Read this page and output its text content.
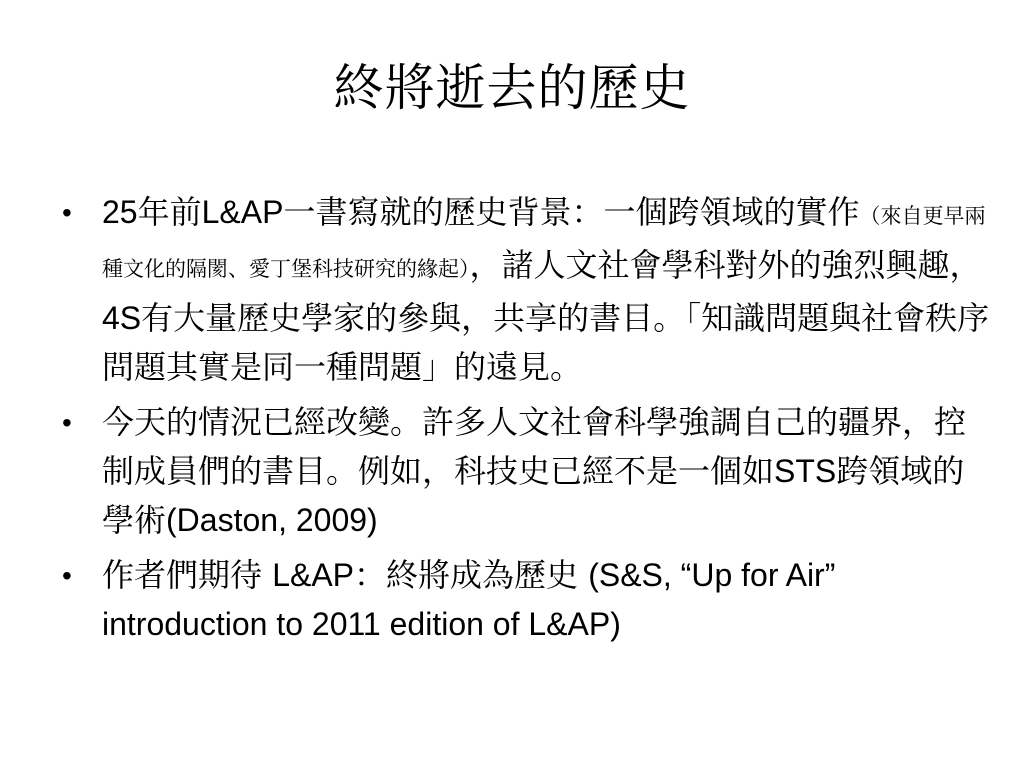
終將逝去的歷史
• 25年前L&AP一書寫就的歷史背景：一個跨領域的實作（來自更早兩種文化的隔閡、愛丁堡科技研究的緣起），諸人文社會學科對外的強烈興趣，4S有大量歷史學家的參與，共享的書目。「知識問題與社會秩序問題其實是同一種問題」的遠見。
• 今天的情況已經改變。許多人文社會科學強調自己的疆界，控制成員們的書目。例如，科技史已經不是一個如STS跨領域的學術(Daston, 2009)
• 作者們期待 L&AP：終將成為歷史 (S&S, “Up for Air” introduction to 2011 edition of L&AP)
